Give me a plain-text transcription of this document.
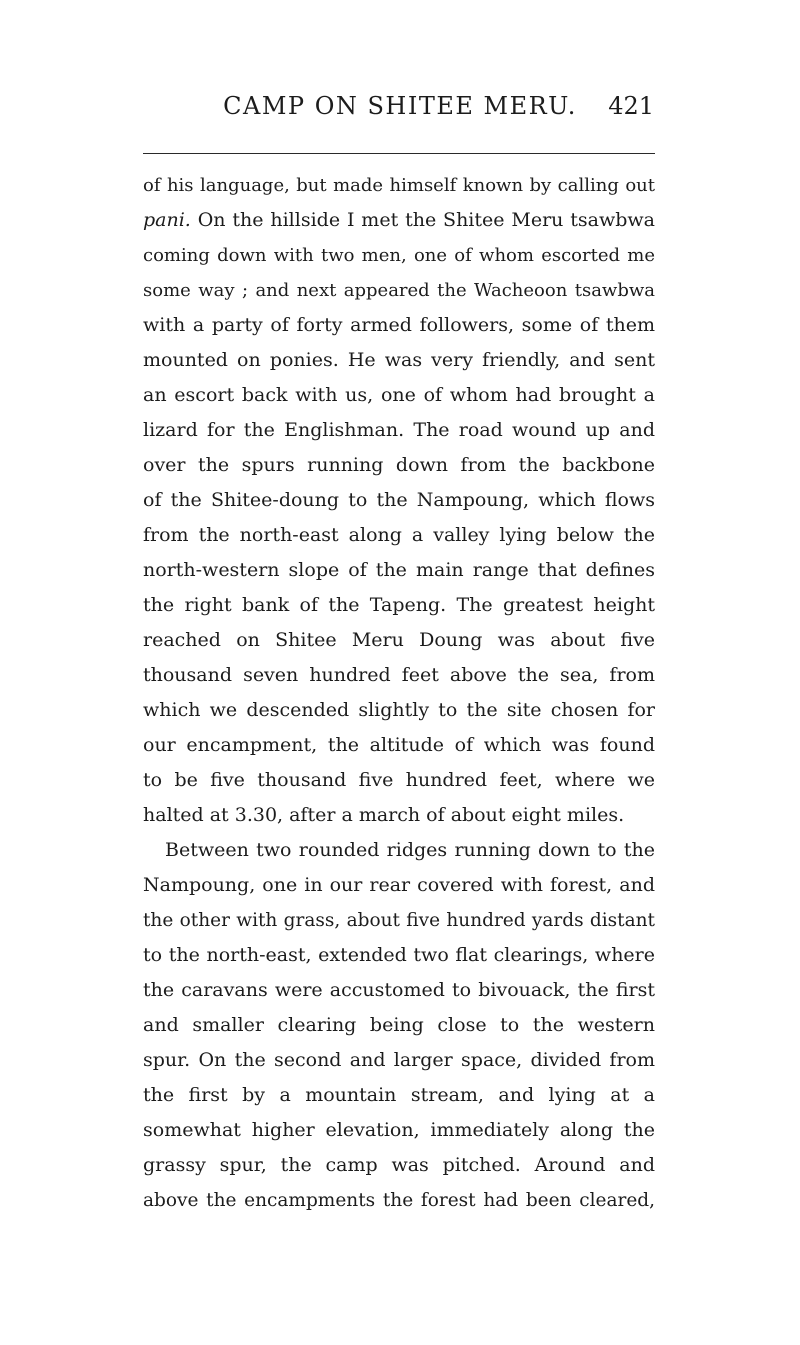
CAMP ON SHITEE MERU.	421
of his language, but made himself known by calling out
pani. On the hillside I met the Shitee Meru tsawbwa
coming down with two men, one of whom escorted me
some way ; and next appeared the Wacheoon tsawbwa
with a party of forty armed followers, some of them
mounted on ponies. He was very friendly, and sent
an escort back with us, one of whom had brought a
lizard for the Englishman. The road wound up and
over the spurs running down from the backbone
of the Shitee-doung to the Nampoung, which flows
from the north-east along a valley lying below the
north-western slope of the main range that defines
the right bank of the Tapeng. The greatest height
reached on Shitee Meru Doung was about five
thousand seven hundred feet above the sea, from
which we descended slightly to the site chosen for
our encampment, the altitude of which was found
to be five thousand five hundred feet, where we
halted at 3.30, after a march of about eight miles.
Between two rounded ridges running down to the
Nampoung, one in our rear covered with forest, and
the other with grass, about five hundred yards distant
to the north-east, extended two flat clearings, where
the caravans were accustomed to bivouack, the first
and smaller clearing being close to the western
spur. On the second and larger space, divided from
the first by a mountain stream, and lying at a
somewhat higher elevation, immediately along the
grassy spur, the camp was pitched. Around and
above the encampments the forest had been cleared,
